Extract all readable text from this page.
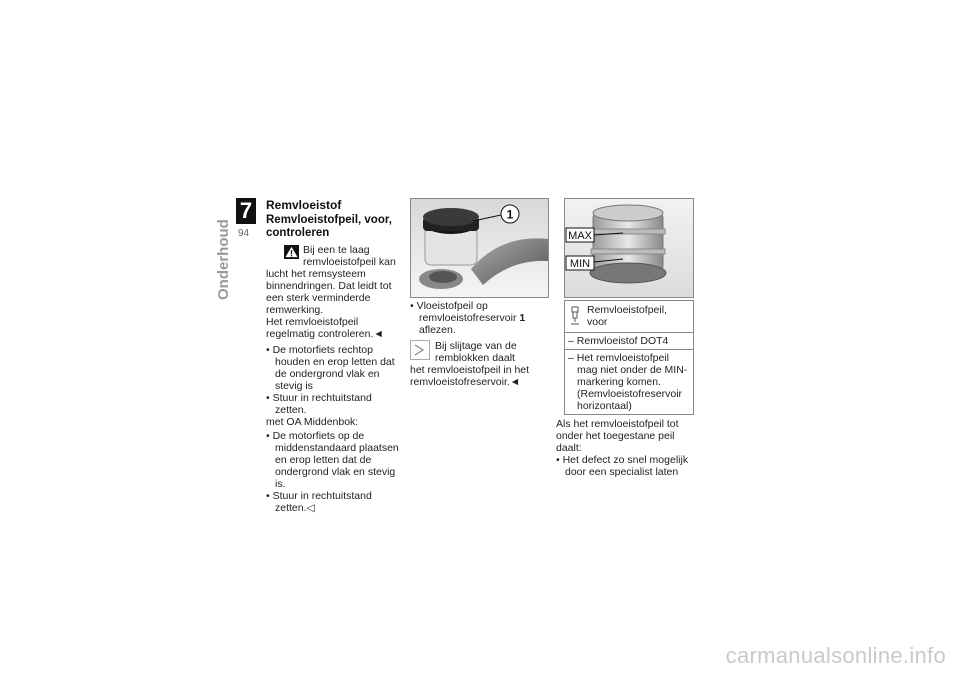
7
94
Onderhoud
Remvloeistof
Remvloeistofpeil, voor, controleren

Bij een te laag remvloeistofpeil kan lucht het remsysteem binnendringen. Dat leidt tot een sterk verminderde remwerking.

Het remvloeistofpeil regelmatig controleren.◄

• De motorfiets rechtop houden en erop letten dat de ondergrond vlak en stevig is
• Stuur in rechtuitstand zetten.

met OA Middenbok:

• De motorfiets op de middenstandaard plaatsen en erop letten dat de ondergrond vlak en stevig is.
• Stuur in rechtuitstand zetten.◁
1
• Vloeistofpeil op remvloeistofreservoir 1 aflezen.

Bij slijtage van de remblokken daalt

het remvloeistofpeil in het remvloeistofreservoir.◄

MAX
MIN
Remvloeistofpeil, voor
– Remvloeistof DOT4
– Het remvloeistofpeil mag niet onder de MIN-markering komen. (Remvloeistofreservoir horizontaal)

Als het remvloeistofpeil tot onder het toegestane peil daalt:

• Het defect zo snel mogelijk door een specialist laten
carmanualsonline.info
